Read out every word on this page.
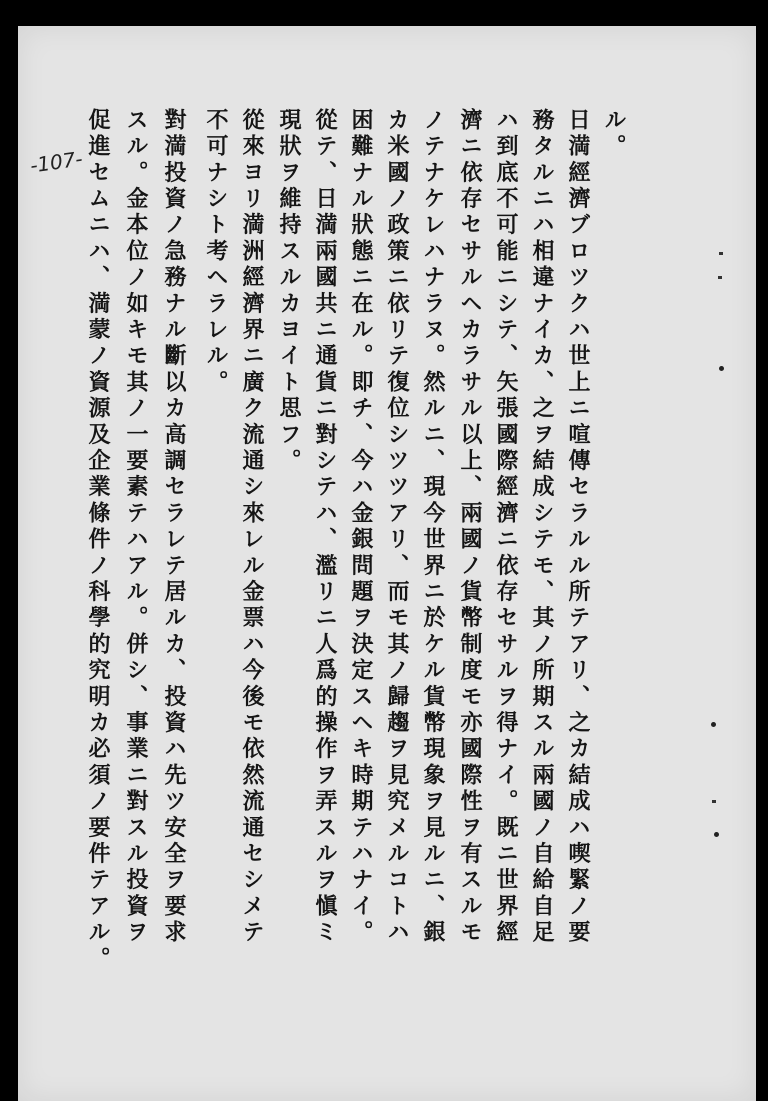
-107-
ル。
日満經濟ブロツクハ世上ニ喧傳セラルル所テアリ、之カ結成ハ喫緊ノ要
務タルニハ相違ナイカ、之ヲ結成シテモ、其ノ所期スル兩國ノ自給自足
ハ到底不可能ニシテ、矢張國際經濟ニ依存セサルヲ得ナイ。既ニ世界經
濟ニ依存セサルヘカラサル以上、兩國ノ貨幣制度モ亦國際性ヲ有スルモ
ノテナケレハナラヌ。然ルニ、現今世界ニ於ケル貨幣現象ヲ見ルニ、銀
カ米國ノ政策ニ依リテ復位シツツアリ、而モ其ノ歸趨ヲ見究メルコトハ
困難ナル狀態ニ在ル。即チ、今ハ金銀問題ヲ決定スヘキ時期テハナイ。
從テ、日満兩國共ニ通貨ニ對シテハ、濫リニ人爲的操作ヲ弄スルヲ愼ミ
現狀ヲ維持スルカヨイト思フ。
從來ヨリ満洲經濟界ニ廣ク流通シ來レル金票ハ今後モ依然流通セシメテ
不可ナシト考ヘラレル。
對満投資ノ急務ナル斷以カ高調セラレテ居ルカ、投資ハ先ツ安全ヲ要求
スル。金本位ノ如キモ其ノ一要素テハアル。併シ、事業ニ對スル投資ヲ
促進セムニハ、満蒙ノ資源及企業條件ノ科學的究明カ必須ノ要件テアル。
